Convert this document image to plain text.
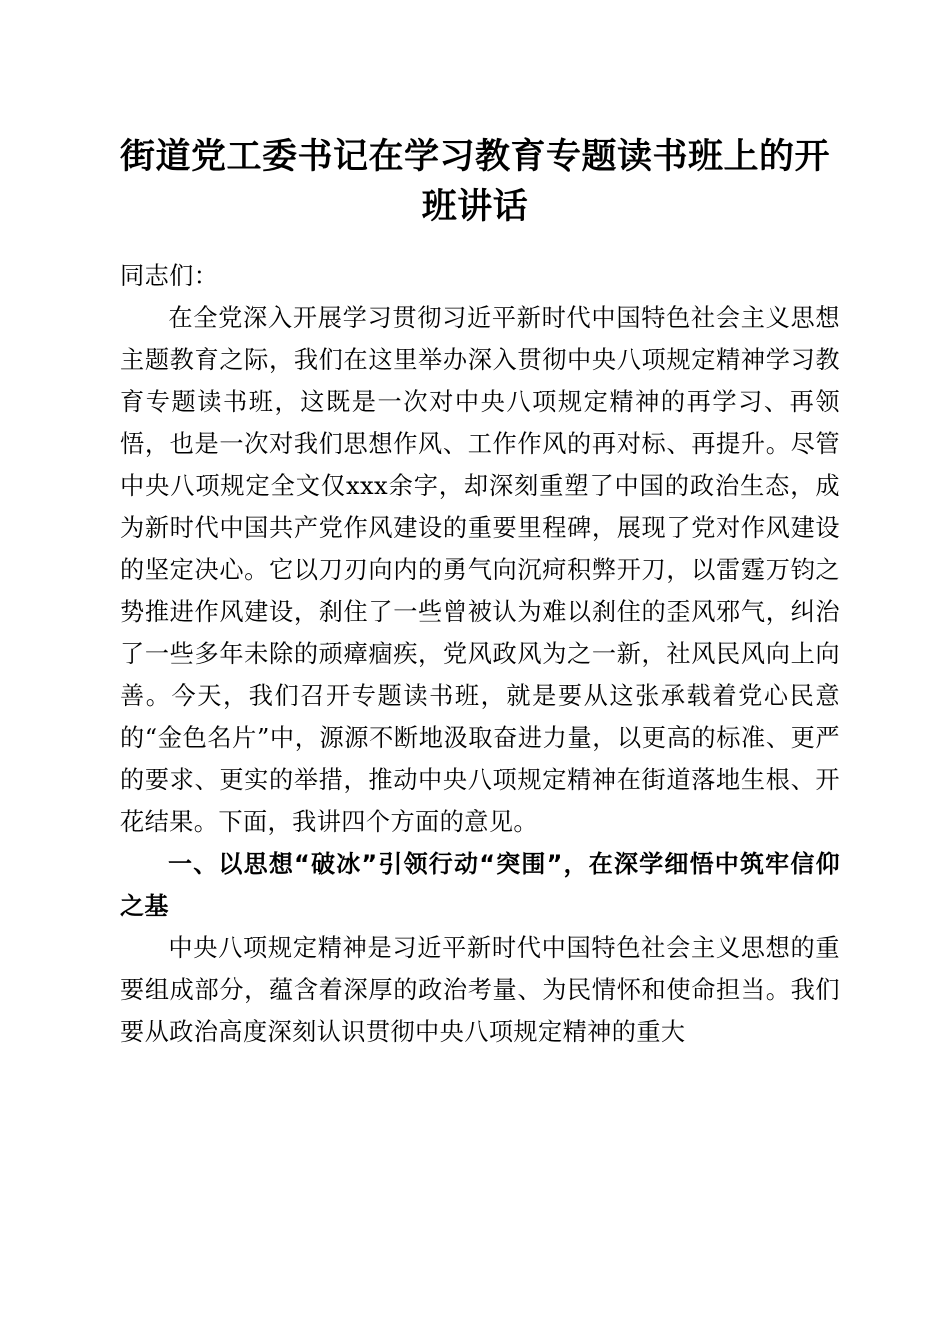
街道党工委书记在学习教育专题读书班上的开
班讲话

同志们：

在全党深入开展学习贯彻习近平新时代中国特色社会主义思想主题教育之际，我们在这里举办深入贯彻中央八项规定精神学习教育专题读书班，这既是一次对中央八项规定精神的再学习、再领悟，也是一次对我们思想作风、工作作风的再对标、再提升。尽管中央八项规定全文仅xxx余字，却深刻重塑了中国的政治生态，成为新时代中国共产党作风建设的重要里程碑，展现了党对作风建设的坚定决心。它以刀刃向内的勇气向沉疴积弊开刀，以雷霆万钧之势推进作风建设，刹住了一些曾被认为难以刹住的歪风邪气，纠治了一些多年未除的顽瘴痼疾，党风政风为之一新，社风民风向上向善。今天，我们召开专题读书班，就是要从这张承载着党心民意的“金色名片”中，源源不断地汲取奋进力量，以更高的标准、更严的要求、更实的举措，推动中央八项规定精神在街道落地生根、开花结果。下面，我讲四个方面的意见。

一、以思想“破冰”引领行动“突围”，在深学细悟中筑牢信仰之基

中央八项规定精神是习近平新时代中国特色社会主义思想的重要组成部分，蕴含着深厚的政治考量、为民情怀和使命担当。我们要从政治高度深刻认识贯彻中央八项规定精神的重大
